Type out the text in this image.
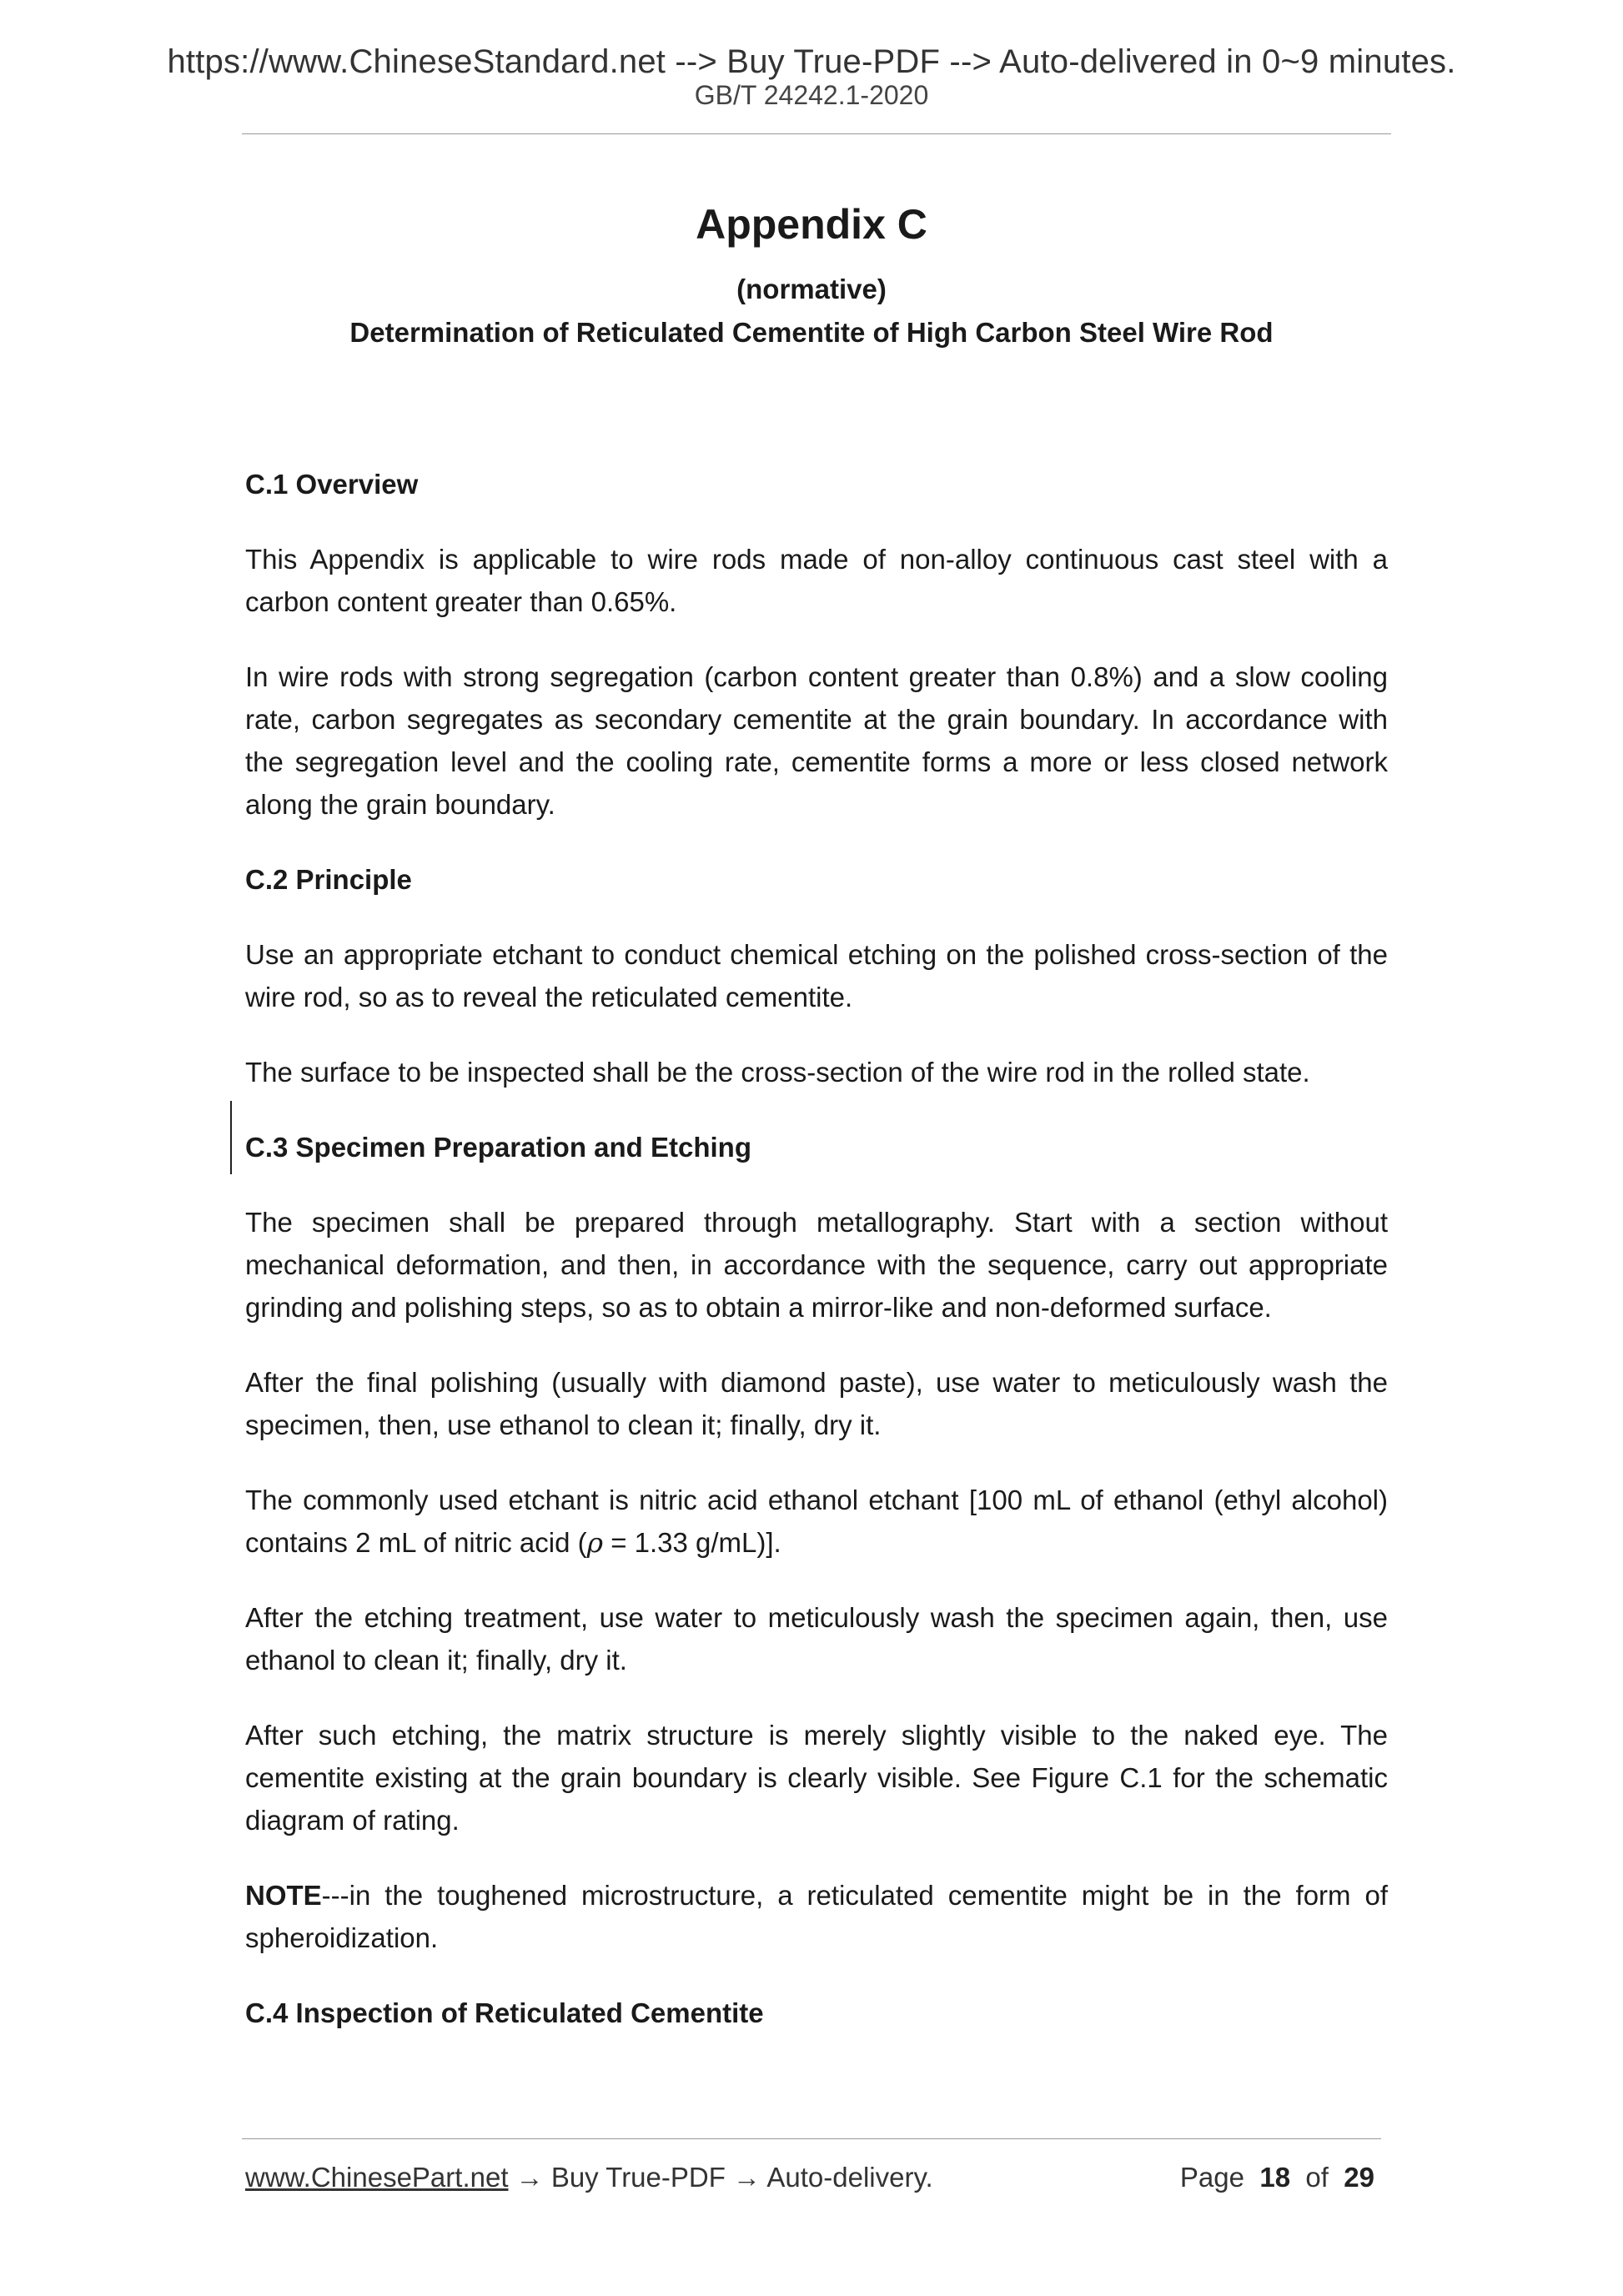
https://www.ChineseStandard.net --> Buy True-PDF --> Auto-delivered in 0~9 minutes.
GB/T 24242.1-2020
Appendix C
(normative)
Determination of Reticulated Cementite of High Carbon Steel Wire Rod
C.1 Overview

This Appendix is applicable to wire rods made of non-alloy continuous cast steel with a carbon content greater than 0.65%.

In wire rods with strong segregation (carbon content greater than 0.8%) and a slow cooling rate, carbon segregates as secondary cementite at the grain boundary. In accordance with the segregation level and the cooling rate, cementite forms a more or less closed network along the grain boundary.

C.2 Principle

Use an appropriate etchant to conduct chemical etching on the polished cross-section of the wire rod, so as to reveal the reticulated cementite.

The surface to be inspected shall be the cross-section of the wire rod in the rolled state.

C.3 Specimen Preparation and Etching

The specimen shall be prepared through metallography. Start with a section without mechanical deformation, and then, in accordance with the sequence, carry out appropriate grinding and polishing steps, so as to obtain a mirror-like and non-deformed surface.

After the final polishing (usually with diamond paste), use water to meticulously wash the specimen, then, use ethanol to clean it; finally, dry it.

The commonly used etchant is nitric acid ethanol etchant [100 mL of ethanol (ethyl alcohol) contains 2 mL of nitric acid (ρ = 1.33 g/mL)].

After the etching treatment, use water to meticulously wash the specimen again, then, use ethanol to clean it; finally, dry it.

After such etching, the matrix structure is merely slightly visible to the naked eye. The cementite existing at the grain boundary is clearly visible. See Figure C.1 for the schematic diagram of rating.

NOTE---in the toughened microstructure, a reticulated cementite might be in the form of spheroidization.

C.4 Inspection of Reticulated Cementite
www.ChinesePart.net → Buy True-PDF → Auto-delivery.	Page 18 of 29
